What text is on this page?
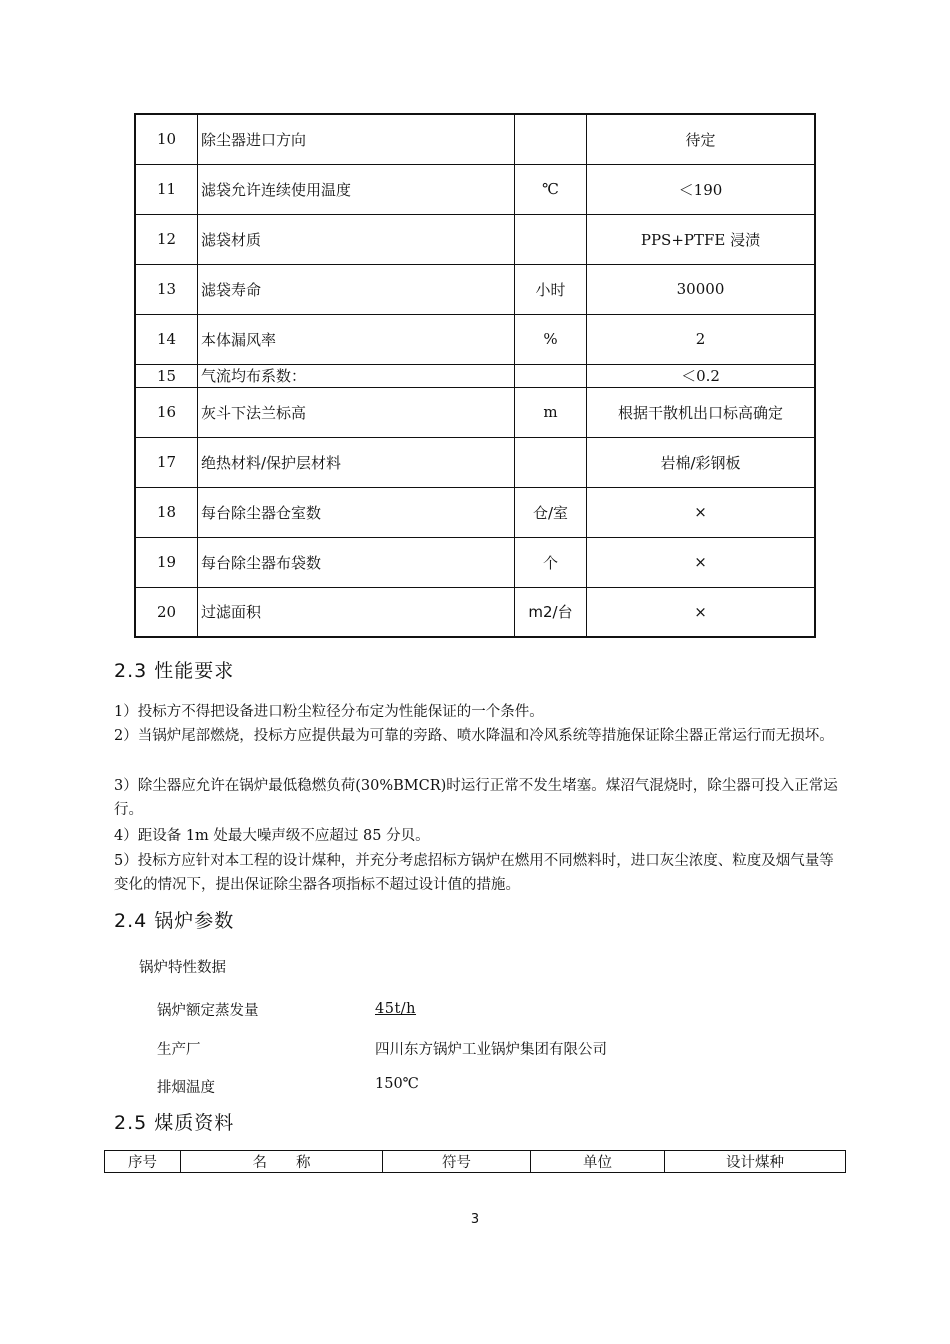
10	除尘器进口方向		待定
11	滤袋允许连续使用温度	℃	＜190
12	滤袋材质		PPS+PTFE 浸渍
13	滤袋寿命	小时	30000
14	本体漏风率	%	2
15	气流均布系数：		＜0.2
16	灰斗下法兰标高	m	根据干散机出口标高确定
17	绝热材料/保护层材料		岩棉/彩钢板
18	每台除尘器仓室数	仓/室	×
19	每台除尘器布袋数	个	×
20	过滤面积	m2/台	×
2.3 性能要求

1）投标方不得把设备进口粉尘粒径分布定为性能保证的一个条件。

2）当锅炉尾部燃烧，投标方应提供最为可靠的旁路、喷水降温和冷风系统等措施保证除尘器正常运行而无损坏。

3）除尘器应允许在锅炉最低稳燃负荷(30%BMCR)时运行正常不发生堵塞。煤沼气混烧时，除尘器可投入正常运行。

4）距设备 1m 处最大噪声级不应超过 85 分贝。

5）投标方应针对本工程的设计煤种，并充分考虑招标方锅炉在燃用不同燃料时，进口灰尘浓度、粒度及烟气量等变化的情况下，提出保证除尘器各项指标不超过设计值的措施。

2.4 锅炉参数
锅炉特性数据
锅炉额定蒸发量	45t/h
生产厂	四川东方锅炉工业锅炉集团有限公司
排烟温度	150℃
2.5 煤质资料
序号	名　　称	符号	单位	设计煤种
3
